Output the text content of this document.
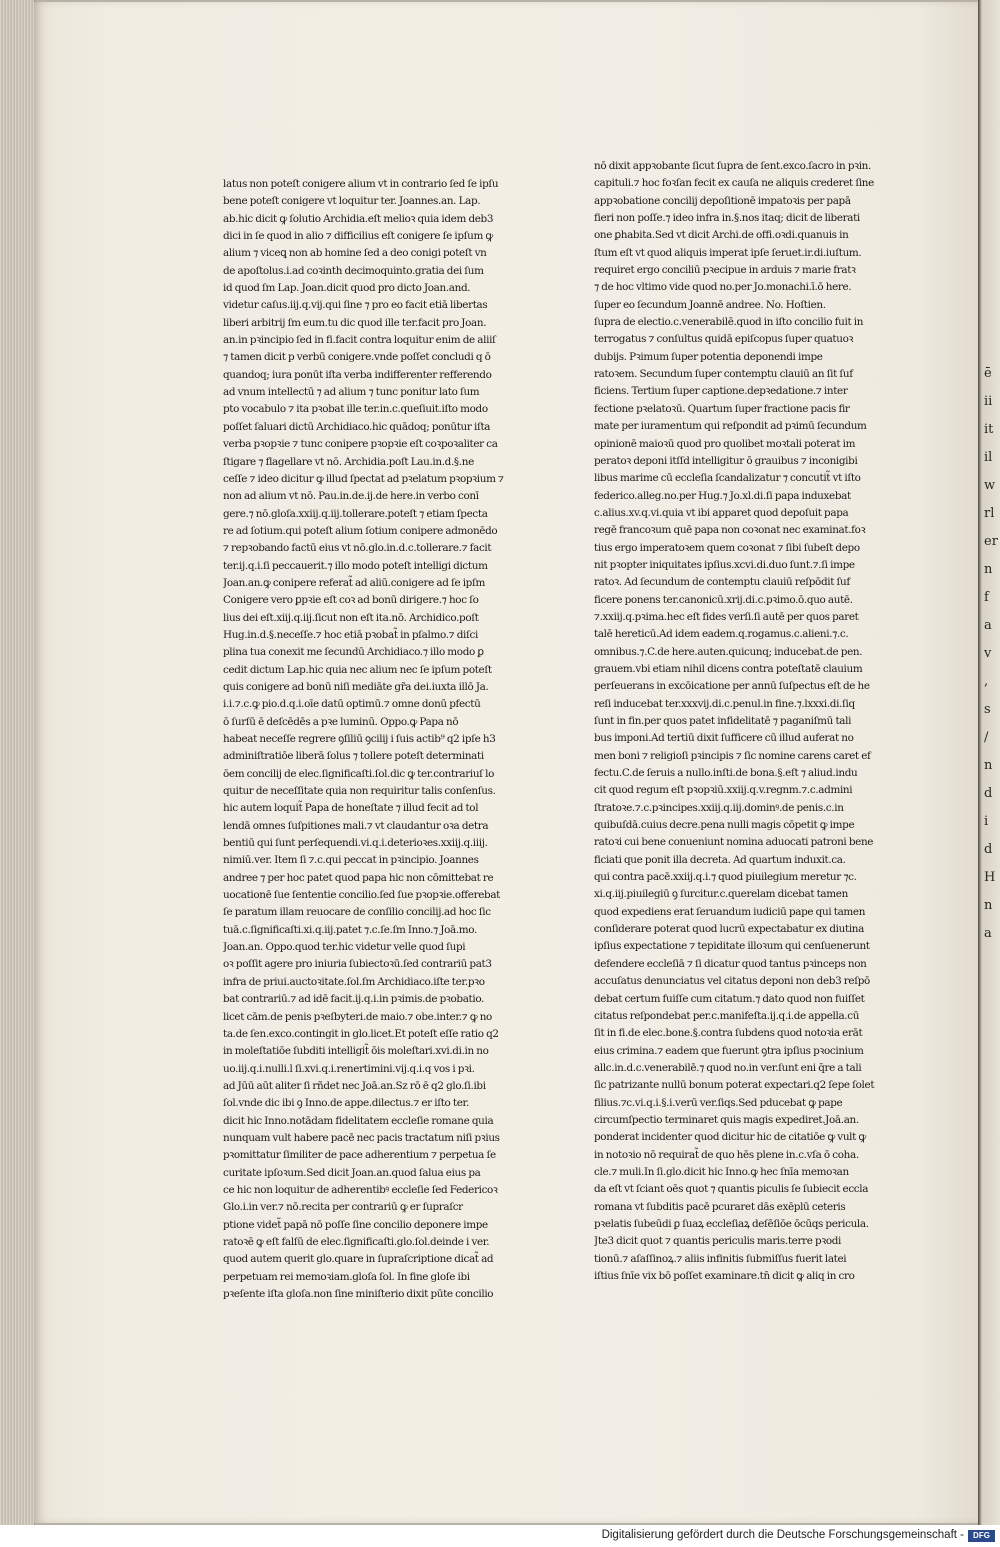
latus non poteſt conigere alium vt in contrario ſed ſe ipſu
bene poteſt conigere vt loquitur ter. Joannes.an. Lap.
ab.hic dicit ꝙ ſolutio Archidia.eſt melioꝛ quia idem deb3
dici in ſe quod in alio ⁊ difficilius eſt conigere ſe ipſum ꝙ
alium ⁊ viceꝗ non ab homine ſed a deo conigi poteſt vn
de apoſtolus.i.ad coꝛinth decimoquinto.gratia dei ſum
id quod ſm Lap. Joan.dicit quod pro dicto Joan.and.
videtur caſus.iij.q.vij.qui ſine ⁊ pro eo facit etiā libertas
liberi arbitrij ſm eum.tu dic quod ille ter.facit pro Joan.
an.in pꝛincipio ſed in fi.facit contra loquitur enim de aliiſ
⁊ tamen dicit p verbū conigere.vnde poſſet concludi q ō
quandoq; iura ponūt iſta verba indifferenter refferendo
ad vnum intellectū ⁊ ad alium ⁊ tunc ponitur lato ſum
pto vocabulo ⁊ ita pꝛobat ille ter.in.c.queſiuit.iſto modo
poſſet ſaluari dictū Archidiaco.hic quādoq; ponūtur iſta
verba pꝛopꝛie ⁊ tunc conipere pꝛopꝛie eſt coꝛpoꝛaliter ca
ſtigare ⁊ flagellare vt nō. Archidia.poſt Lau.in.d.§.ne
ceſſe ⁊ ideo dicitur ꝙ illud ſpectat ad pꝛelatum pꝛopꝛium ⁊
non ad alium vt nō. Pau.in.de.ij.de here.in verbo conī
gere.⁊ nō.gloſa.xxiij.q.iij.tollerare.poteſt ⁊ etiam ſpecta
re ad ſotium.qui poteſt alium ſotium conipere admonēdo
⁊ repꝛobando factū eius vt nō.glo.in.d.c.tollerare.⁊ facit
ter.ij.q.i.ſi peccauerit.⁊ illo modo poteſt intelligi dictum
Joan.an.ꝙ conipere referat̃ ad aliū.conigere ad ſe ipſm
Conigere vero ꝑpꝛie eſt coꝛ ad bonū dirigere.⁊ hoc ſo
lius dei eſt.xiij.q.iij.ſicut non eſt ita.nō. Archidico.poſt
Hug.in.d.§.neceſſe.⁊ hoc etiā pꝛobat̃ in pſalmo.⁊ diſci
plina tua conexit me ſecundū Archidiaco.⁊ illo modo ꝑ
cedit dictum Lap.hic quia nec alium nec ſe ipſum poteſt
quis conigere ad bonū niſi mediāte gr̃a dei.iuxta illō Ja.
i.i.⁊.c.ꝙ pio.d.q.i.oīe datū optimū.⁊ omne donū pfectū
ō ſurſū ē deſcēdēs a pꝛe luminū. Oppo.ꝙ Papa nō
habeat neceſſe regrere ꝯſiliū ꝯcilij i ſuis actib⁹ q2 ipſe h3
adminiſtratiōe liberā ſolus ⁊ tollere poteſt determinati
ōem concilij de elec.ſignificaſti.ſol.dic ꝙ ter.contrariuſ lo
quitur de neceſſitate quia non requiritur talis conſenſus.
hic autem loquit̃ Papa de honeſtate ⁊ illud fecit ad tol
lendā omnes ſuſpitiones mali.⁊ vt claudantur oꝛa detra
bentiū qui ſunt perſequendi.vi.q.i.deterioꝛes.xxiij.q.iiij.
nimiū.ver. Item ſi ⁊.c.qui peccat in pꝛincipio. Joannes
andree ⁊ per hoc patet quod papa hic non cōmittebat re
uocationē ſue ſententie concilio.ſed ſue pꝛopꝛie.offerebat
ſe paratum illam reuocare de conſilio concilij.ad hoc ſic
tuā.c.ſignificaſti.xi.q.iij.patet ⁊.c.ſe.ſm Inno.⁊ Joā.mo.
Joan.an. Oppo.quod ter.hic videtur velle quod ſupi
oꝛ poſſit agere pro iniuria ſubiectoꝛū.ſed contrariū pat3
infra de priui.auctoꝛitate.ſol.ſm Archidiaco.iſte ter.pꝛo
bat contrariū.⁊ ad idē facit.ij.q.i.in pꝛimis.de pꝛobatio.
licet cām.de penis pꝛeſbyteri.de maio.⁊ obe.inter.⁊ ꝙ no
ta.de ſen.exco.contingit in glo.licet.Et poteſt eſſe ratio q2
in moleſtatiōe ſubditi intelligit̃ ōis moleſtari.xvi.di.in no
uo.iij.q.i.nulli.l ſi.xvi.q.i.renertimini.vij.q.i.q vos i pꝛi.
ad Jūū aūt aliter ſi rñdet nec Joā.an.Sz rō ē q2 glo.ſi.ibi
ſol.vnde dic ibi ꝯ Inno.de appe.dilectus.⁊ er iſto ter.
dicit hic Inno.notādam fidelitatem eccleſie romane quia
nunquam vult habere pacē nec pacis tractatum niſi pꝛius
pꝛomittatur ſimiliter de pace adherentium ⁊ perpetua ſe
curitate ipſoꝛum.Sed dicit Joan.an.quod ſalua eius pa
ce hic non loquitur de adherentibꝰ eccleſie ſed Federicoꝛ
Glo.i.in ver.⁊ nō.recita per contrariū ꝙ er ſupraſcr
ptione videt̃ papā nō poſſe ſine concilio deponere impe
ratoꝛē ꝙ eſt falſū de elec.ſignificaſti.glo.ſol.deinde i ver.
quod autem querit glo.quare in ſupraſcriptione dicat̃ ad
perpetuam rei memoꝛiam.gloſa ſol. In fine gloſe ibi
pꝛeſente iſta gloſa.non ſine miniſterio dixit pūte concilio
nō dixit appꝛobante ſicut ſupra de ſent.exco.ſacro in pꝛin.
capituli.⁊ hoc foꝛſan fecit ex cauſa ne aliquis crederet ſine
appꝛobatione concilij depoſitionē impatoꝛis per papā
fieri non poſſe.⁊ ideo infra in.§.nos itaq; dicit de liberati
one ꝑhabita.Sed vt dicit Archi.de offi.oꝛdi.quanuis in
ſtum eſt vt quod aliquis imperat ipſe ſeruet.ir.di.iuſtum.
requiret ergo conciliū pꝛecipue in arduis ⁊ marie fratꝛ
⁊ de hoc vltimo vide quod no.per Jo.monachi.ī.ō here.
ſuper eo ſecundum Joannē andree. No. Hoſtien.
ſupra de electio.c.venerabilē.quod in iſto concilio fuit in
terrogatus ⁊ conſultus quidā epiſcopus ſuper quatuoꝛ
dubijs. Pꝛimum ſuper potentia deponendi impe
ratoꝛem. Secundum ſuper contemptu clauiū an ſit ſuf
ficiens. Tertium ſuper captione.depꝛedatione.⁊ inter
fectione pꝛelatoꝛū. Quartum ſuper fractione pacis fir
mate per iuramentum qui reſpondit ad pꝛimū ſecundum
opinionē maioꝛū quod pro quolibet moꝛtali poterat im
peratoꝛ deponi itſſd intelligitur ō grauibus ⁊ inconigibi
libus marime cū eccleſia ſcandalizatur ⁊ concutit̃ vt iſto
federico.alleg.no.per Hug.⁊ Jo.xl.di.ſi papa induxebat
c.alius.xv.q.vi.quia vt ibi apparet quod depoſuit papa
regē francoꝛum quē papa non coꝛonat nec examinat.foꝛ
tius ergo imperatoꝛem quem coꝛonat ⁊ ſibi ſubeſt depo
nit pꝛopter iniquitates ipſius.xcvi.di.duo ſunt.⁊.ſi impe
ratoꝛ. Ad ſecundum de contemptu clauiū reſpōdit ſuf
ficere ponens ter.canonicū.xrij.di.c.pꝛimo.ō.quo autē.
⁊.xxiij.q.pꝛima.hec eſt fides verſi.ſi autē per quos paret
talē hereticū.Ad idem eadem.q.rogamus.c.alieni.⁊.c.
omnibus.⁊.C.de here.auten.quicunq; inducebat.de pen.
grauem.vbi etiam nihil dicens contra poteſtatē clauium
perſeuerans in excōicatione per annū ſuſpectus eſt de he
reſi inducebat ter.xxxvij.di.c.penul.in fine.⁊.lxxxi.di.ſiq
ſunt in fin.per quos patet infidelitatē ⁊ paganiſmū tali
bus imponi.Ad tertiū dixit ſufficere cū illud auferat no
men boni ⁊ religioſi pꝛincipis ⁊ ſic nomine carens caret ef
fectu.C.de ſeruis a nullo.inſti.de bona.§.eſt ⁊ aliud.indu
cit quod regum eſt pꝛopꝛiū.xxiij.q.v.regnm.⁊.c.admini
ſtratoꝛe.⁊.c.pꝛincipes.xxiij.q.iij.dominꝰ.de penis.c.in
quibuſdā.cuius decre.pena nulli magis cōpetit ꝙ impe
ratoꝛi cui bene conueniunt nomina aduocati patroni bene
ficiati que ponit illa decreta. Ad quartum induxit.ca.
qui contra pacē.xxiij.q.i.⁊ quod piuilegium meretur ⁊c.
xi.q.iij.piuilegiū ꝯ ſurcitur.c.querelam dicebat tamen
quod expediens erat ſeruandum iudiciū pape qui tamen
conſiderare poterat quod lucrū expectabatur ex diutina
ipſius expectatione ⁊ tepiditate illoꝛum qui cenſuenerunt
defendere eccleſiā ⁊ ſi dicatur quod tantus pꝛinceps non
accuſatus denunciatus vel citatus deponi non deb3 reſpō
debat certum fuiſſe cum citatum.⁊ dato quod non fuiſſet
citatus reſpondebat per.c.manifeſta.ij.q.i.de appella.cū
ſit in fi.de elec.bone.§.contra ſubdens quod notoꝛia erāt
eius crimina.⁊ eadem que fuerunt ꝯtra ipſius pꝛocinium
allc.in.d.c.venerabilē.⁊ quod no.in ver.ſunt eni q̄re a tali
ſic patrizante nullū bonum poterat expectari.q2 ſepe ſolet
filius.⁊c.vi.q.i.§.i.verū ver.ſiqs.Sed pducebat ꝙ pape
circumſpectio terminaret quis magis expediret.Joā.an.
ponderat incidenter quod dicitur hic de citatiōe ꝙ vult ꝙ
in notoꝛio nō requirat̃ de quo hēs plene in.c.vſa ō coha.
cle.⁊ muli.In ſi.glo.dicit hic Inno.ꝙ hec ſnīa memoꝛan
da eſt vt ſciant oēs quot ⁊ quantis piculis ſe ſubiecit eccla
romana vt ſubditis pacē pcuraret dās exēplū ceteris
pꝛelatis ſubeūdi ꝑ ſuaꝝ eccleſiaꝝ deſēſiōe ōcūqs pericula.
Jte3 dicit quot ⁊ quantis periculis maris.terre pꝛodi
tionū.⁊ aſaſſinoꝝ.⁊ aliis infinitis ſubmiſſus fuerit latei
iſtius ſnīe vix bō poſſet examinare.tn̄ dicit ꝙ aliq in cro
ē
ii
it
il
w
rl
er
n
f
a
v
,
s
/
n
d
i
d
H
n
a
Digitalisierung gefördert durch die Deutsche Forschungsgemeinschaft -	DFG
